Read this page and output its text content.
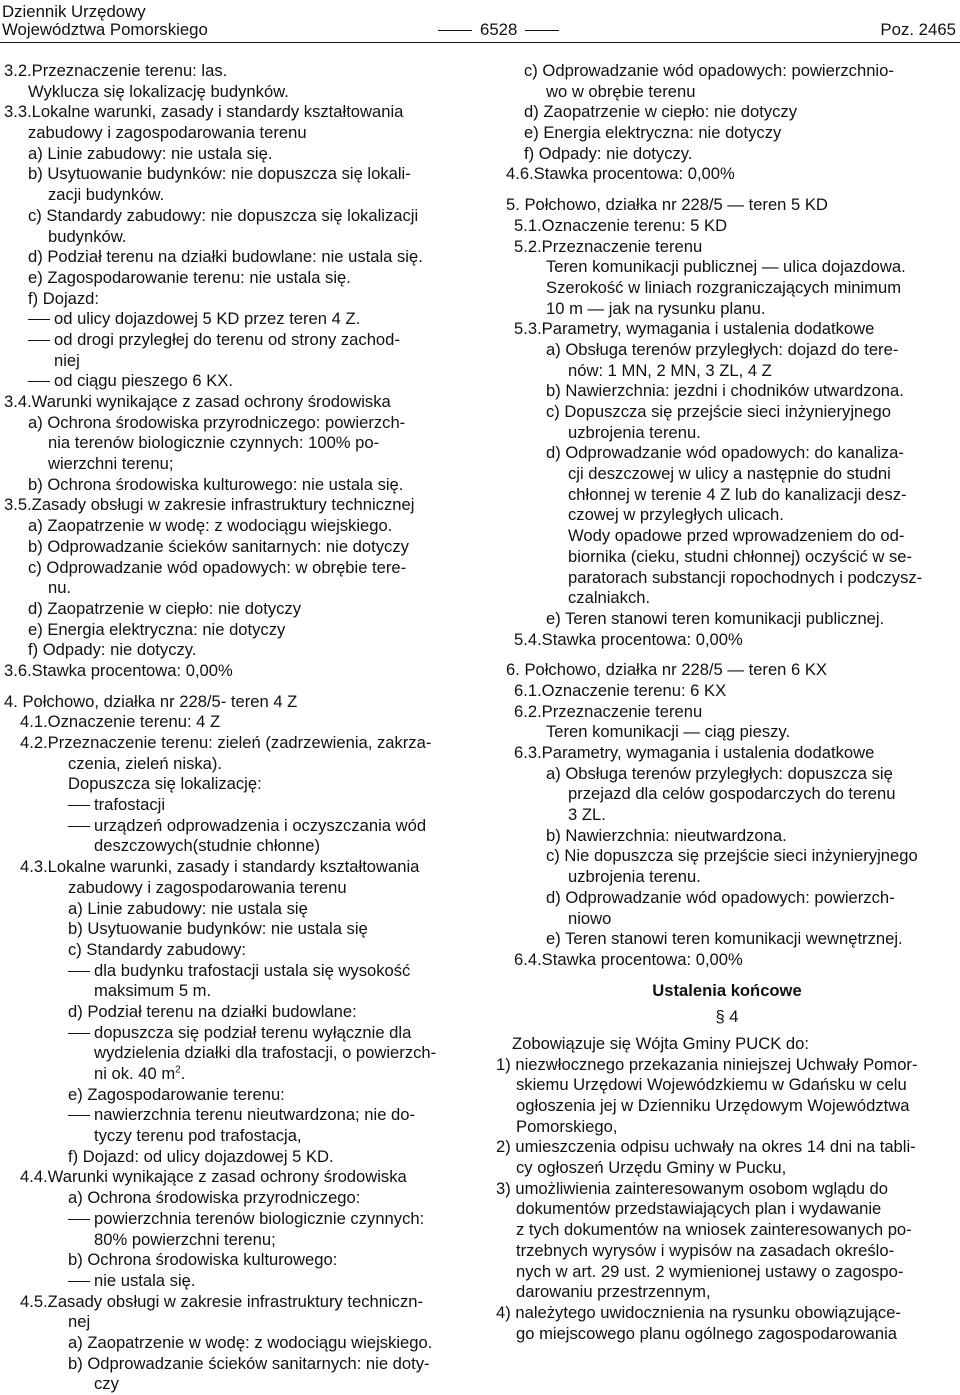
Dziennik Urzędowy
Województwa Pomorskiego	6528	Poz. 2465
3.2.Przeznaczenie terenu: las.
Wyklucza się lokalizację budynków.
3.3.Lokalne warunki, zasady i standardy kształtowania
zabudowy i zagospodarowania terenu
a) Linie zabudowy: nie ustala się.
b) Usytuowanie budynków: nie dopuszcza się lokali-
zacji budynków.
c) Standardy zabudowy: nie dopuszcza się lokalizacji
budynków.
d) Podział terenu na działki budowlane: nie ustala się.
e) Zagospodarowanie terenu: nie ustala się.
f) Dojazd:
od ulicy dojazdowej 5 KD przez teren 4 Z.
od drogi przyległej do terenu od strony zachod-
niej
od ciągu pieszego 6 KX.
3.4.Warunki wynikające z zasad ochrony środowiska
a) Ochrona środowiska przyrodniczego: powierzch-
nia terenów biologicznie czynnych: 100% po-
wierzchni terenu;
b) Ochrona środowiska kulturowego: nie ustala się.
3.5.Zasady obsługi w zakresie infrastruktury technicznej
a) Zaopatrzenie w wodę: z wodociągu wiejskiego.
b) Odprowadzanie ścieków sanitarnych: nie dotyczy
c) Odprowadzanie wód opadowych: w obrębie tere-
nu.
d) Zaopatrzenie w ciepło: nie dotyczy
e) Energia elektryczna: nie dotyczy
f) Odpady: nie dotyczy.
3.6.Stawka procentowa: 0,00%
4. Połchowo, działka nr 228/5- teren 4 Z
4.1.Oznaczenie terenu: 4 Z
4.2.Przeznaczenie terenu: zieleń (zadrzewienia, zakrza-
czenia, zieleń niska).
Dopuszcza się lokalizację:
trafostacji
urządzeń odprowadzenia i oczyszczania wód
deszczowych(studnie chłonne)
4.3.Lokalne warunki, zasady i standardy kształtowania
zabudowy i zagospodarowania terenu
a) Linie zabudowy: nie ustala się
b) Usytuowanie budynków: nie ustala się
c) Standardy zabudowy:
dla budynku trafostacji ustala się wysokość
maksimum 5 m.
d) Podział terenu na działki budowlane:
dopuszcza się podział terenu wyłącznie dla
wydzielenia działki dla trafostacji, o powierzch-
ni ok. 40 $m^2$.
e) Zagospodarowanie terenu:
nawierzchnia terenu nieutwardzona; nie do-
tyczy terenu pod trafostacja,
f) Dojazd: od ulicy dojazdowej 5 KD.
4.4.Warunki wynikające z zasad ochrony środowiska
a) Ochrona środowiska przyrodniczego:
powierzchnia terenów biologicznie czynnych:
80% powierzchni terenu;
b) Ochrona środowiska kulturowego:
nie ustala się.
4.5.Zasady obsługi w zakresie infrastruktury techniczn-
nej
a) Zaopatrzenie w wodę: z wodociągu wiejskiego.
b) Odprowadzanie ścieków sanitarnych: nie doty-
czy
c) Odprowadzanie wód opadowych: powierzchnio-
wo w obrębie terenu
d) Zaopatrzenie w ciepło: nie dotyczy
e) Energia elektryczna: nie dotyczy
f) Odpady: nie dotyczy.
4.6.Stawka procentowa: 0,00%
5. Połchowo, działka nr 228/5 — teren 5 KD
5.1.Oznaczenie terenu: 5 KD
5.2.Przeznaczenie terenu
Teren komunikacji publicznej — ulica dojazdowa.
Szerokość w liniach rozgraniczających minimum
10 m — jak na rysunku planu.
5.3.Parametry, wymagania i ustalenia dodatkowe
a) Obsługa terenów przyległych: dojazd do tere-
nów: 1 MN, 2 MN, 3 ZL, 4 Z
b) Nawierzchnia: jezdni i chodników utwardzona.
c) Dopuszcza się przejście sieci inżynieryjnego
uzbrojenia terenu.
d) Odprowadzanie wód opadowych: do kanaliza-
cji deszczowej w ulicy a następnie do studni
chłonnej w terenie 4 Z lub do kanalizacji desz-
czowej w przyległych ulicach.
Wody opadowe przed wprowadzeniem do od-
biornika (cieku, studni chłonnej) oczyścić w se-
paratorach substancji ropochodnych i podczysz-
czalniakch.
e) Teren stanowi teren komunikacji publicznej.
5.4.Stawka procentowa: 0,00%
6. Połchowo, działka nr 228/5 — teren 6 KX
6.1.Oznaczenie terenu: 6 KX
6.2.Przeznaczenie terenu
Teren komunikacji — ciąg pieszy.
6.3.Parametry, wymagania i ustalenia dodatkowe
a) Obsługa terenów przyległych: dopuszcza się
przejazd dla celów gospodarczych do terenu
3 ZL.
b) Nawierzchnia: nieutwardzona.
c) Nie dopuszcza się przejście sieci inżynieryjnego
uzbrojenia terenu.
d) Odprowadzanie wód opadowych: powierzch-
niowo
e) Teren stanowi teren komunikacji wewnętrznej.
6.4.Stawka procentowa: 0,00%
Ustalenia końcowe
§ 4
Zobowiązuje się Wójta Gminy PUCK do:
1) niezwłocznego przekazania niniejszej Uchwały Pomor-
skiemu Urzędowi Wojewódzkiemu w Gdańsku w celu
ogłoszenia jej w Dzienniku Urzędowym Województwa
Pomorskiego,
2) umieszczenia odpisu uchwały na okres 14 dni na tabli-
cy ogłoszeń Urzędu Gminy w Pucku,
3) umożliwienia zainteresowanym osobom wglądu do
dokumentów przedstawiających plan i wydawanie
z tych dokumentów na wniosek zainteresowanych po-
trzebnych wyrysów i wypisów na zasadach określo-
nych w art. 29 ust. 2 wymienionej ustawy o zagospo-
darowaniu przestrzennym,
4) należytego uwidocznienia na rysunku obowiązujące-
go miejscowego planu ogólnego zagospodarowania
